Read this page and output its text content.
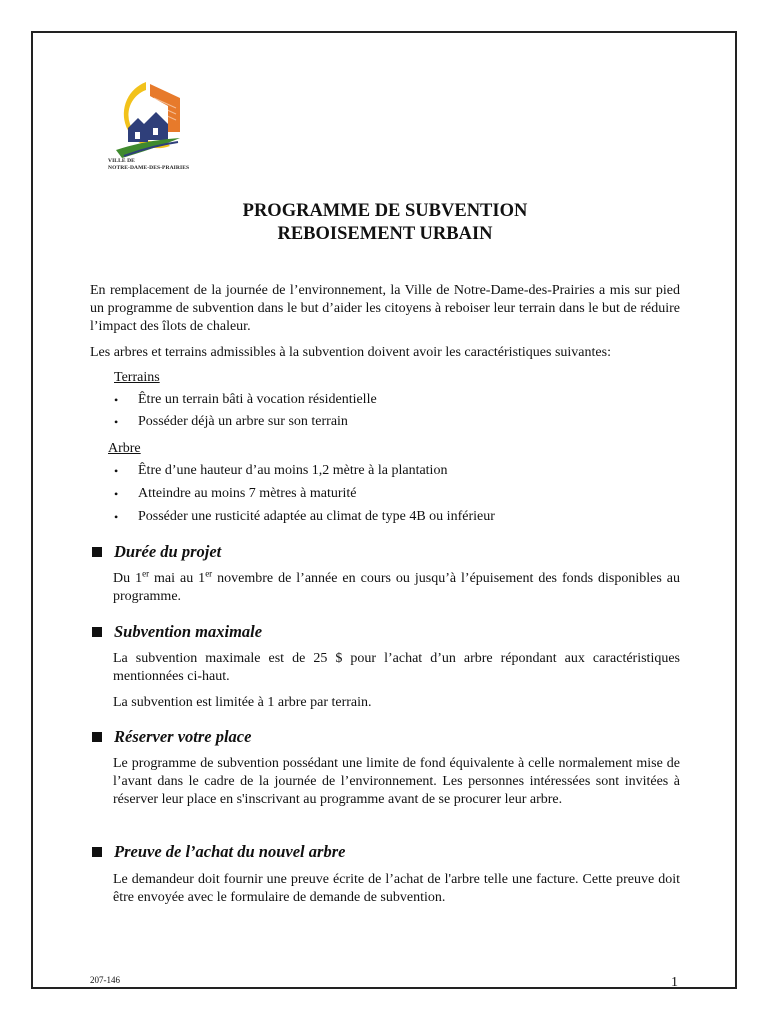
VILLE DE
NOTRE-DAME-DES-PRAIRIES
PROGRAMME DE SUBVENTION
REBOISEMENT URBAIN

En remplacement de la journée de l’environnement, la Ville de Notre-Dame-des-Prairies a mis sur pied un programme de subvention dans le but d’aider les citoyens à reboiser leur terrain dans le but de réduire l’impact des îlots de chaleur.

Les arbres et terrains admissibles à la subvention doivent avoir les caractéristiques suivantes:

Terrains
•	Être un terrain bâti à vocation résidentielle
•	Posséder déjà un arbre sur son terrain
Arbre
•	Être d’une hauteur d’au moins 1,2 mètre à la plantation
•	Atteindre au moins 7 mètres à maturité
•	Posséder une rusticité adaptée au climat de type 4B ou inférieur
Durée du projet

Du 1er mai au 1er novembre de l’année en cours ou jusqu’à l’épuisement des fonds disponibles au programme.

Subvention maximale

La subvention maximale est de 25 $ pour l’achat d’un arbre répondant aux caractéristiques mentionnées ci-haut.

La subvention est limitée à 1 arbre par terrain.

Réserver votre place

Le programme de subvention possédant une limite de fond équivalente à celle normalement mise de l’avant dans le cadre de la journée de l’environnement. Les personnes intéressées sont invitées à réserver leur place en s'inscrivant au programme avant de se procurer leur arbre.

Preuve de l’achat du nouvel arbre

Le demandeur doit fournir une preuve écrite de l’achat de l'arbre telle une facture. Cette preuve doit être envoyée avec le formulaire de demande de subvention.

207-146	1
